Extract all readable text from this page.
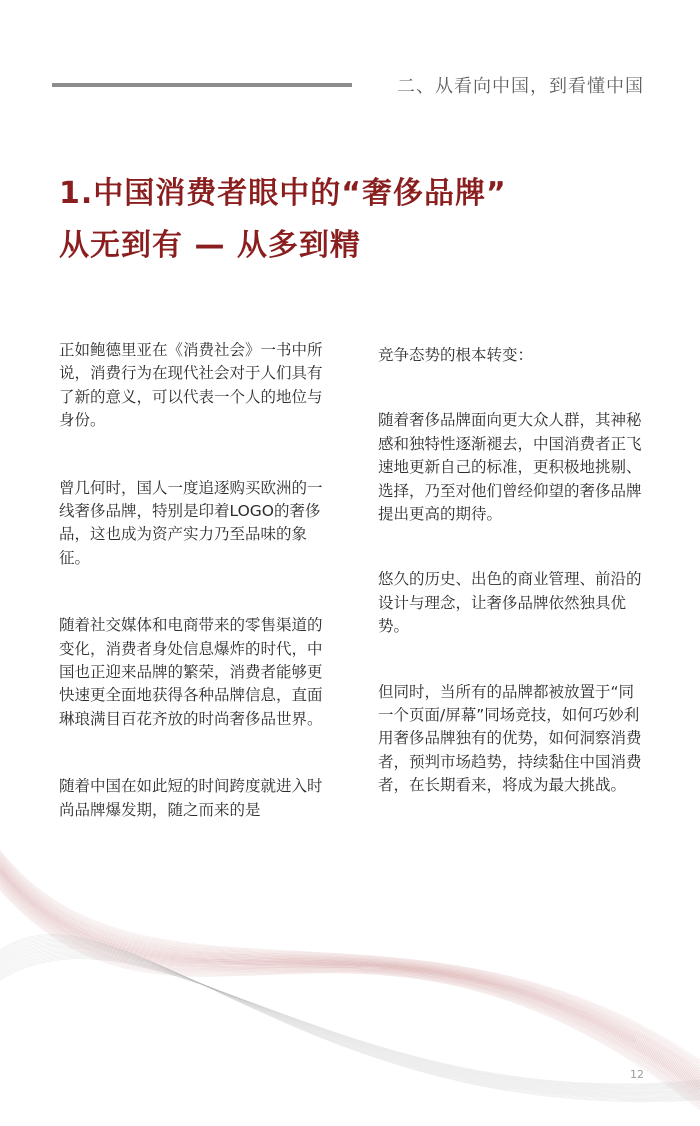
二、从看向中国，到看懂中国
1.中国消费者眼中的“奢侈品牌”
从无到有 — 从多到精

正如鲍德里亚在《消费社会》一书中所说，消费行为在现代社会对于人们具有了新的意义，可以代表一个人的地位与身份。

曾几何时，国人一度追逐购买欧洲的一线奢侈品牌，特别是印着LOGO的奢侈品，这也成为资产实力乃至品味的象征。

随着社交媒体和电商带来的零售渠道的变化，消费者身处信息爆炸的时代，中国也正迎来品牌的繁荣，消费者能够更快速更全面地获得各种品牌信息，直面琳琅满目百花齐放的时尚奢侈品世界。

随着中国在如此短的时间跨度就进入时尚品牌爆发期，随之而来的是

竞争态势的根本转变：

随着奢侈品牌面向更大众人群，其神秘感和独特性逐渐褪去，中国消费者正飞速地更新自己的标准，更积极地挑剔、选择，乃至对他们曾经仰望的奢侈品牌提出更高的期待。

悠久的历史、出色的商业管理、前沿的设计与理念，让奢侈品牌依然独具优势。

但同时，当所有的品牌都被放置于“同一个页面/屏幕”同场竞技，如何巧妙利用奢侈品牌独有的优势，如何洞察消费者，预判市场趋势，持续黏住中国消费者，在长期看来，将成为最大挑战。

12
